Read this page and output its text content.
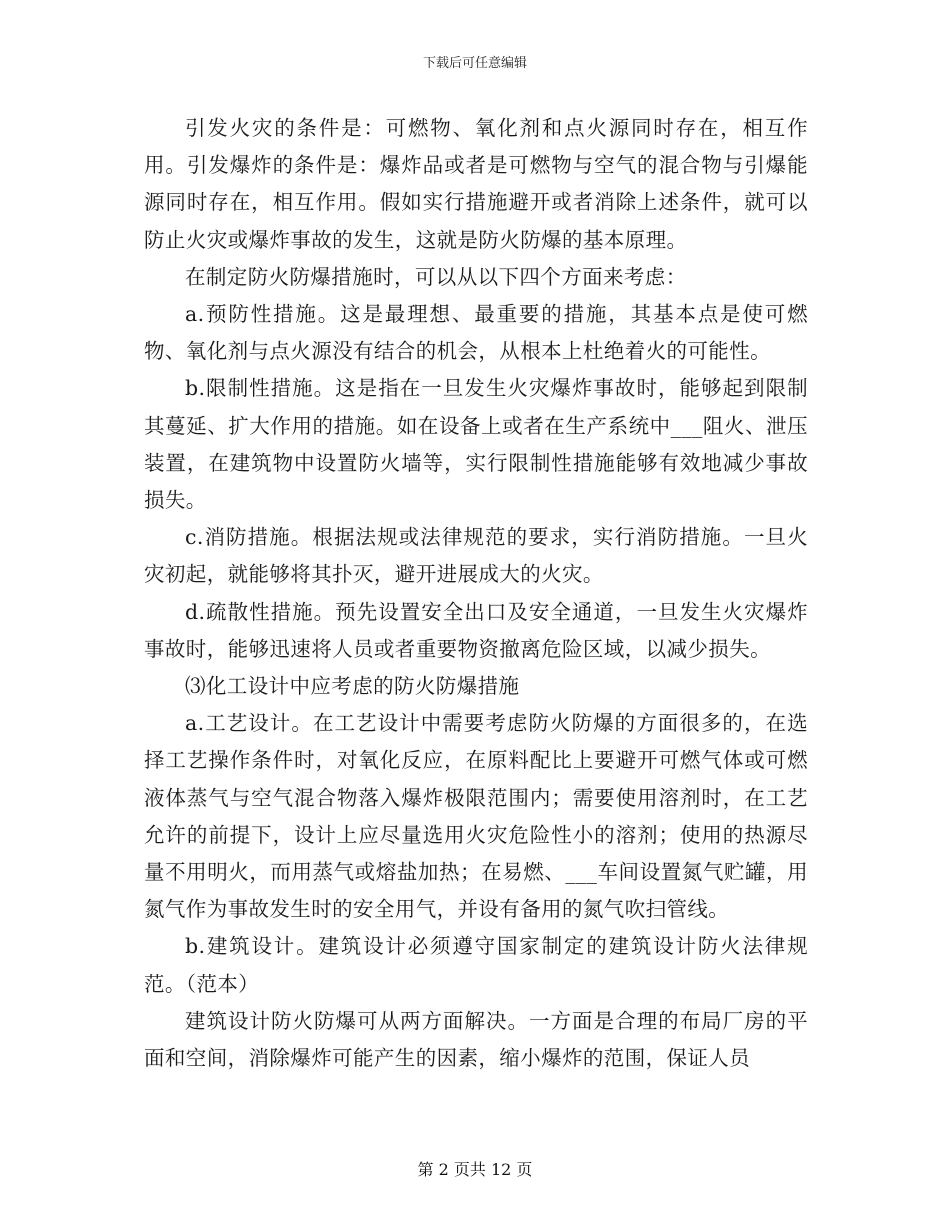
下载后可任意编辑

引发火灾的条件是：可燃物、氧化剂和点火源同时存在，相互作用。引发爆炸的条件是：爆炸品或者是可燃物与空气的混合物与引爆能源同时存在，相互作用。假如实行措施避开或者消除上述条件，就可以防止火灾或爆炸事故的发生，这就是防火防爆的基本原理。

在制定防火防爆措施时，可以从以下四个方面来考虑：

a.预防性措施。这是最理想、最重要的措施，其基本点是使可燃物、氧化剂与点火源没有结合的机会，从根本上杜绝着火的可能性。

b.限制性措施。这是指在一旦发生火灾爆炸事故时，能够起到限制其蔓延、扩大作用的措施。如在设备上或者在生产系统中___阻火、泄压装置，在建筑物中设置防火墙等，实行限制性措施能够有效地减少事故损失。

c.消防措施。根据法规或法律规范的要求，实行消防措施。一旦火灾初起，就能够将其扑灭，避开进展成大的火灾。

d.疏散性措施。预先设置安全出口及安全通道，一旦发生火灾爆炸事故时，能够迅速将人员或者重要物资撤离危险区域，以减少损失。

⑶化工设计中应考虑的防火防爆措施

a.工艺设计。在工艺设计中需要考虑防火防爆的方面很多的，在选择工艺操作条件时，对氧化反应，在原料配比上要避开可燃气体或可燃液体蒸气与空气混合物落入爆炸极限范围内；需要使用溶剂时，在工艺允许的前提下，设计上应尽量选用火灾危险性小的溶剂；使用的热源尽量不用明火，而用蒸气或熔盐加热；在易燃、___车间设置氮气贮罐，用氮气作为事故发生时的安全用气，并设有备用的氮气吹扫管线。

b.建筑设计。建筑设计必须遵守国家制定的建筑设计防火法律规范。（范本）

建筑设计防火防爆可从两方面解决。一方面是合理的布局厂房的平面和空间，消除爆炸可能产生的因素，缩小爆炸的范围，保证人员

第 2 页共 12 页
